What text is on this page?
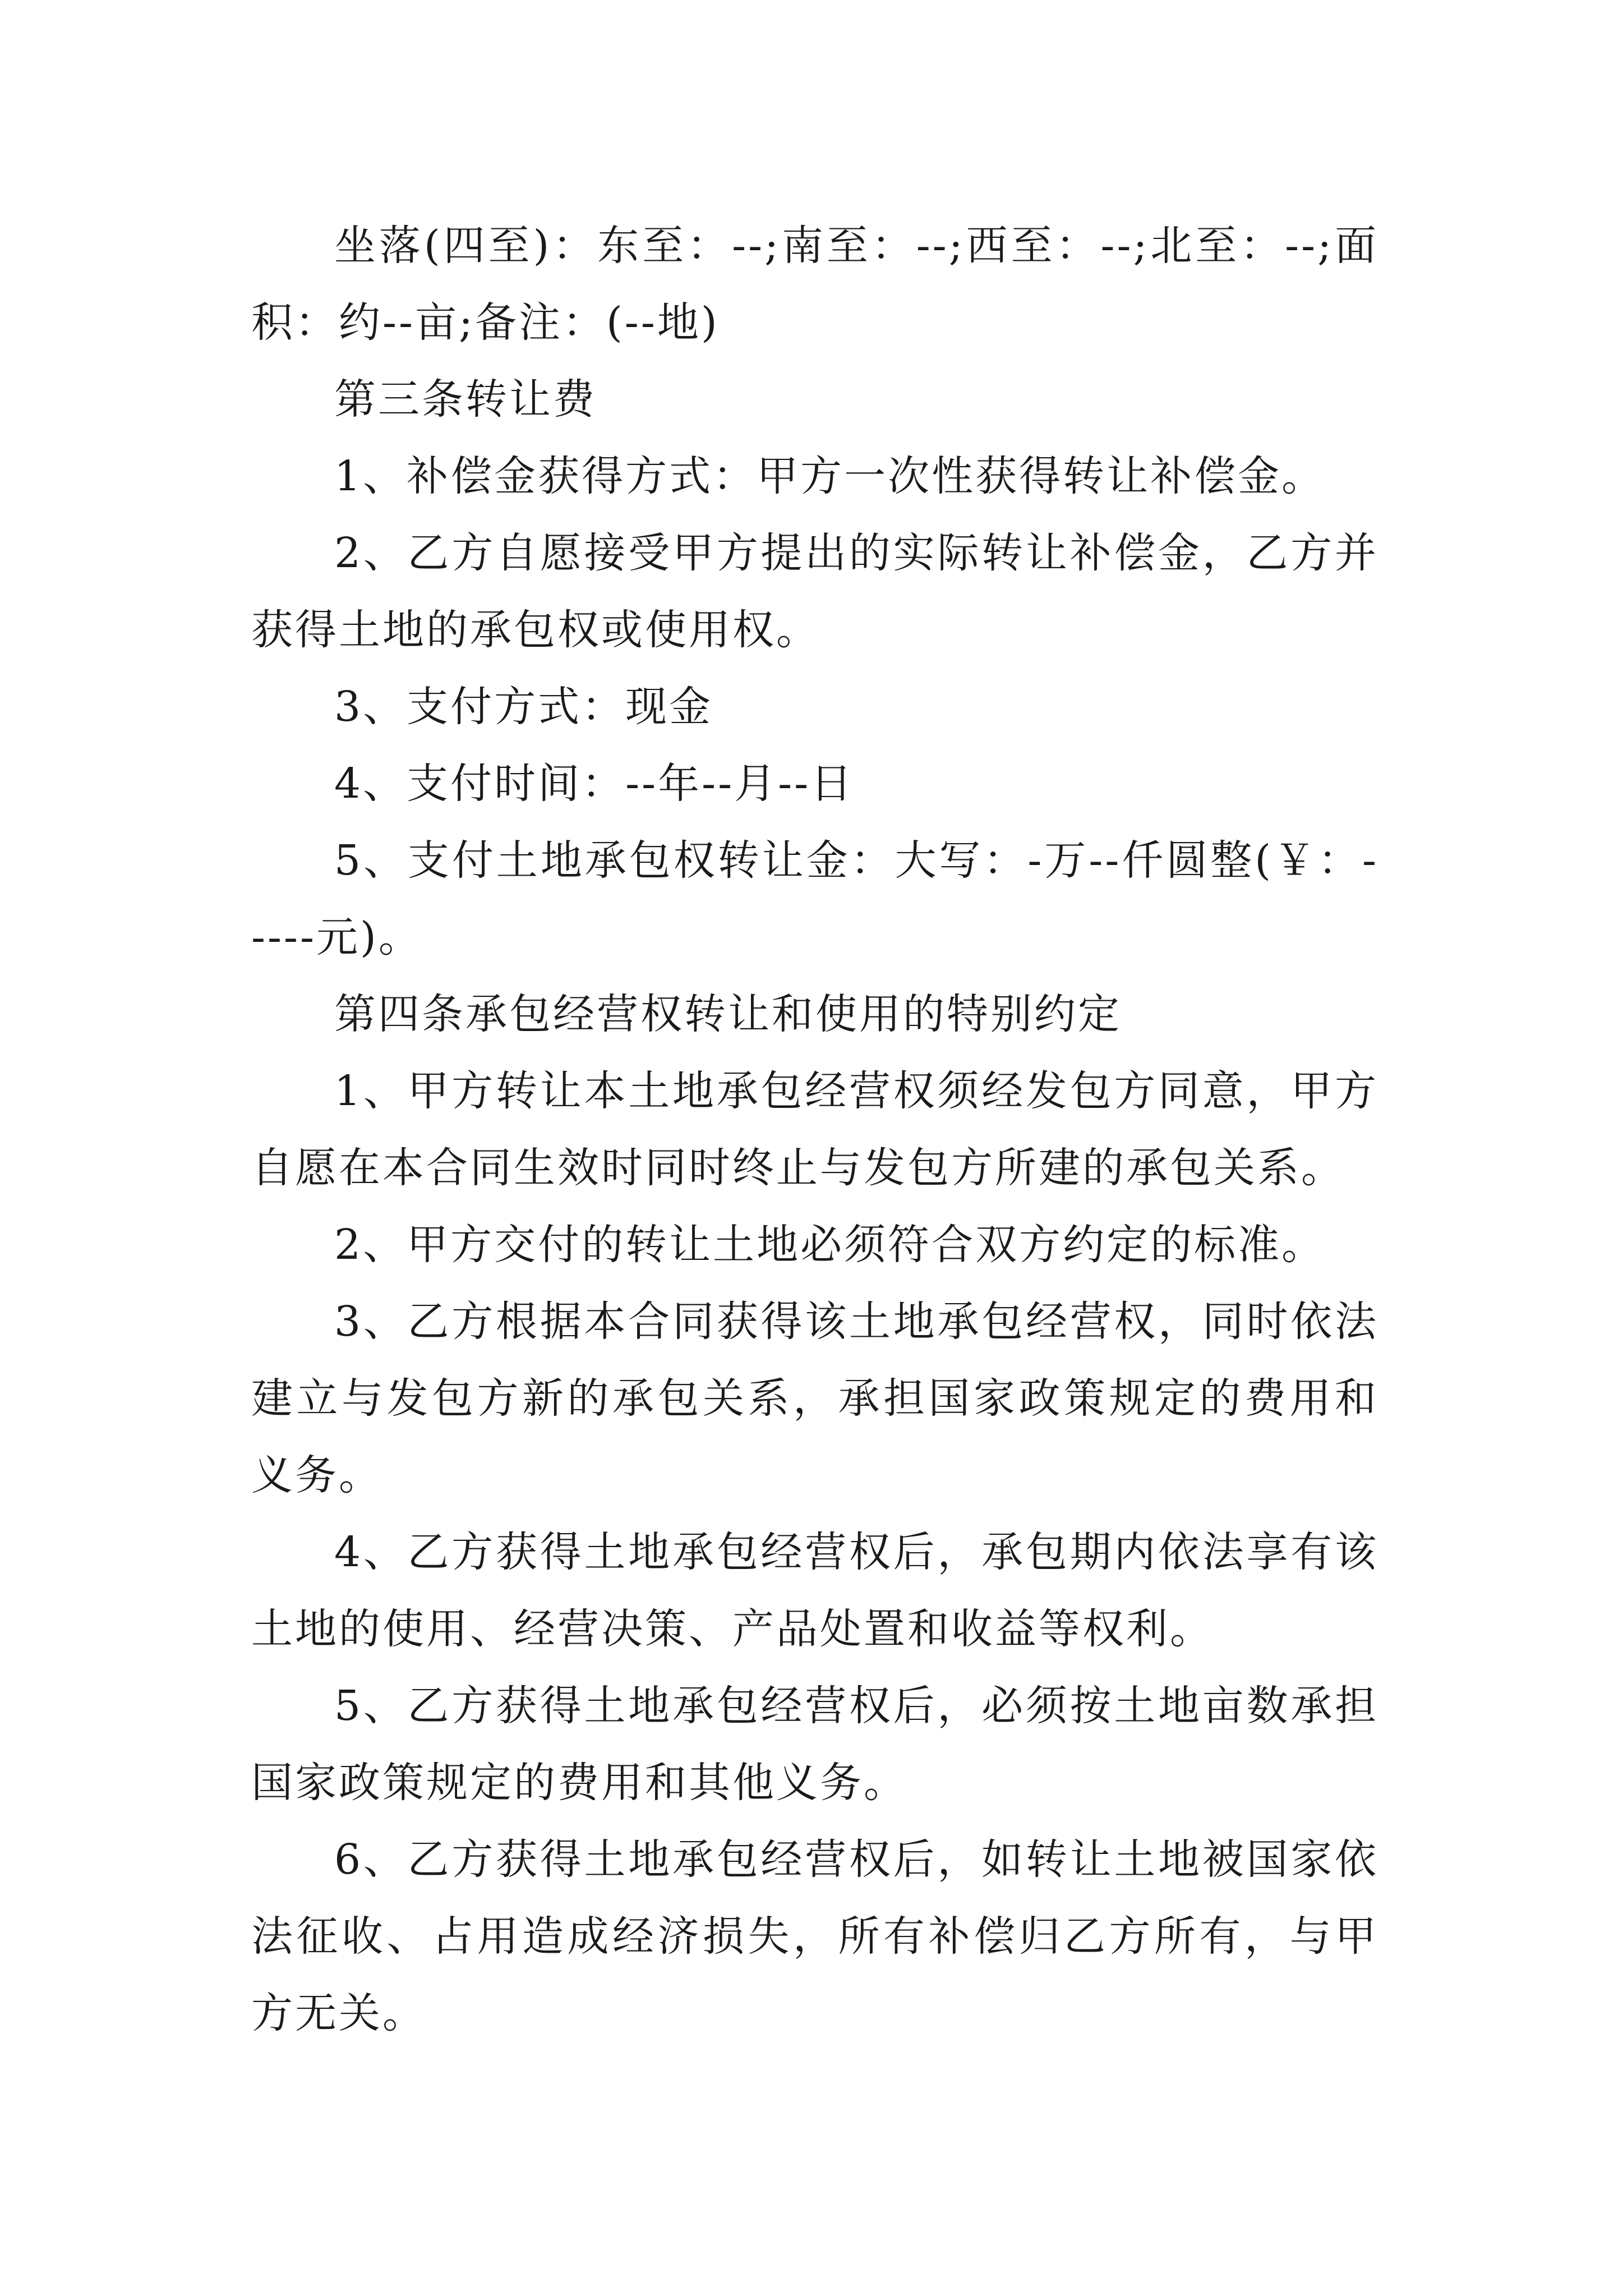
坐落(四至)：东至：--;南至：--;西至：--;北至：--;面积：约--亩;备注：(--地)

第三条转让费

1、补偿金获得方式：甲方一次性获得转让补偿金。

2、乙方自愿接受甲方提出的实际转让补偿金，乙方并获得土地的承包权或使用权。

3、支付方式：现金

4、支付时间：--年--月--日

5、支付土地承包权转让金：大写：-万--仟圆整(￥：-----元)。

第四条承包经营权转让和使用的特别约定

1、甲方转让本土地承包经营权须经发包方同意，甲方自愿在本合同生效时同时终止与发包方所建的承包关系。

2、甲方交付的转让土地必须符合双方约定的标准。

3、乙方根据本合同获得该土地承包经营权，同时依法建立与发包方新的承包关系，承担国家政策规定的费用和义务。

4、乙方获得土地承包经营权后，承包期内依法享有该土地的使用、经营决策、产品处置和收益等权利。

5、乙方获得土地承包经营权后，必须按土地亩数承担国家政策规定的费用和其他义务。

6、乙方获得土地承包经营权后，如转让土地被国家依法征收、占用造成经济损失，所有补偿归乙方所有，与甲方无关。
